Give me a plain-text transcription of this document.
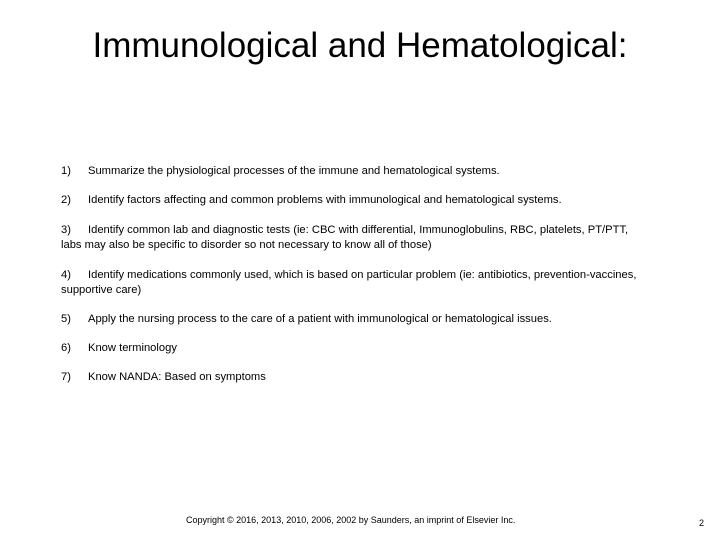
Immunological and Hematological:
1) Summarize the physiological processes of the immune and hematological systems.
2) Identify factors affecting and common problems with immunological and hematological systems.
3) Identify common lab and diagnostic tests (ie: CBC with differential, Immunoglobulins, RBC, platelets, PT/PTT, labs may also be specific to disorder so not necessary to know all of those)
4) Identify medications commonly used, which is based on particular problem (ie: antibiotics, prevention-vaccines, supportive care)
5) Apply the nursing process to the care of a patient with immunological or hematological issues.
6) Know terminology
7) Know NANDA: Based on symptoms
Copyright © 2016, 2013, 2010, 2006, 2002 by Saunders, an imprint of Elsevier Inc.	2
